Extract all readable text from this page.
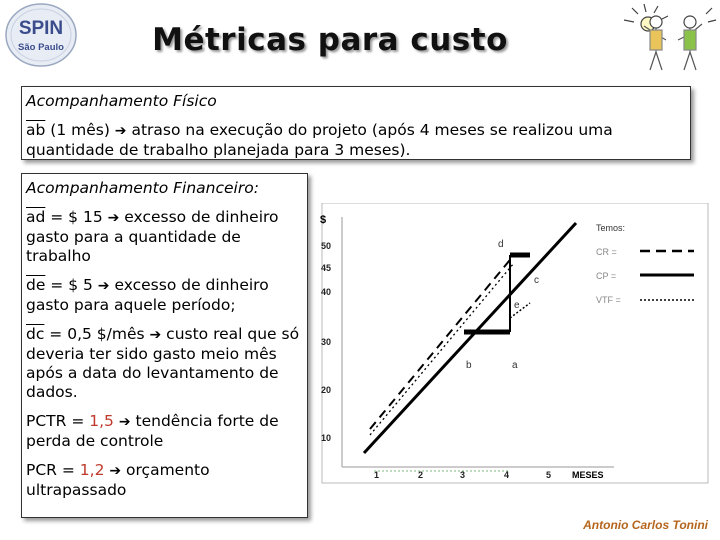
SPIN
São Paulo	Métricas para custo
Acompanhamento Físico
$\overline{ab}$ (1 mês) ➔ atraso na execução do projeto (após 4 meses se realizou uma quantidade de trabalho planejada para 3 meses).
Acompanhamento Financeiro:
$\overline{ad}$ = $ 15 ➔ excesso de dinheiro gasto para a quantidade de trabalho
$\overline{de}$ = $ 5 ➔ excesso de dinheiro gasto para aquele período;
$\overline{dc} = 0,5$ $/mês ➔ custo real que só deveria ter sido gasto meio mês após a data do levantamento de dados.
PCTR = 1,5 ➔ tendência forte de perda de controle
PCR = 1,2 ➔ orçamento ultrapassado
$
MESES
50
45
40
30
20
10
1	2	3	4	5
d
c
e
b	a
Temos:
CR =
CP =
VTF =
Antonio Carlos Tonini
